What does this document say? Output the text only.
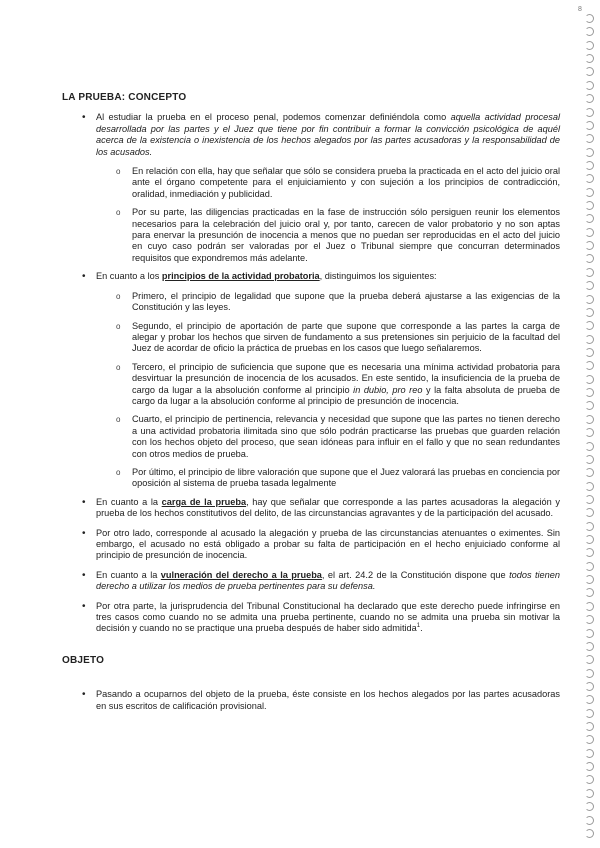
8
LA PRUEBA: CONCEPTO
• Al estudiar la prueba en el proceso penal, podemos comenzar definiéndola como aquella actividad procesal desarrollada por las partes y el Juez que tiene por fin contribuir a formar la convicción psicológica de aquél acerca de la existencia o inexistencia de los hechos alegados por las partes acusadoras y la responsabilidad de los acusados.
o En relación con ella, hay que señalar que sólo se considera prueba la practicada en el acto del juicio oral ante el órgano competente para el enjuiciamiento y con sujeción a los principios de contradicción, oralidad, inmediación y publicidad.
o Por su parte, las diligencias practicadas en la fase de instrucción sólo persiguen reunir los elementos necesarios para la celebración del juicio oral y, por tanto, carecen de valor probatorio y no son aptas para enervar la presunción de inocencia a menos que no puedan ser reproducidas en el acto del juicio en cuyo caso podrán ser valoradas por el Juez o Tribunal siempre que concurran determinados requisitos que expondremos más adelante.
• En cuanto a los principios de la actividad probatoria, distinguimos los siguientes:
o Primero, el principio de legalidad que supone que la prueba deberá ajustarse a las exigencias de la Constitución y las leyes.
o Segundo, el principio de aportación de parte que supone que corresponde a las partes la carga de alegar y probar los hechos que sirven de fundamento a sus pretensiones sin perjuicio de la facultad del Juez de acordar de oficio la práctica de pruebas en los casos que luego señalaremos.
o Tercero, el principio de suficiencia que supone que es necesaria una mínima actividad probatoria para desvirtuar la presunción de inocencia de los acusados. En este sentido, la insuficiencia de la prueba de cargo da lugar a la absolución conforme al principio in dubio, pro reo y la falta absoluta de prueba de cargo da lugar a la absolución conforme al principio de presunción de inocencia.
o Cuarto, el principio de pertinencia, relevancia y necesidad que supone que las partes no tienen derecho a una actividad probatoria ilimitada sino que sólo podrán practicarse las pruebas que guarden relación con los hechos objeto del proceso, que sean idóneas para influir en el fallo y que no sean redundantes con otros medios de prueba.
o Por último, el principio de libre valoración que supone que el Juez valorará las pruebas en conciencia por oposición al sistema de prueba tasada legalmente
• En cuanto a la carga de la prueba, hay que señalar que corresponde a las partes acusadoras la alegación y prueba de los hechos constitutivos del delito, de las circunstancias agravantes y de la participación del acusado.
• Por otro lado, corresponde al acusado la alegación y prueba de las circunstancias atenuantes o eximentes. Sin embargo, el acusado no está obligado a probar su falta de participación en el hecho enjuiciado conforme al principio de presunción de inocencia.
• En cuanto a la vulneración del derecho a la prueba, el art. 24.2 de la Constitución dispone que todos tienen derecho a utilizar los medios de prueba pertinentes para su defensa.
• Por otra parte, la jurisprudencia del Tribunal Constitucional ha declarado que este derecho puede infringirse en tres casos como cuando no se admita una prueba pertinente, cuando no se admita una prueba sin motivar la decisión y cuando no se practique una prueba después de haber sido admitida$^1$.
OBJETO
• Pasando a ocuparnos del objeto de la prueba, éste consiste en los hechos alegados por las partes acusadoras en sus escritos de calificación provisional.
